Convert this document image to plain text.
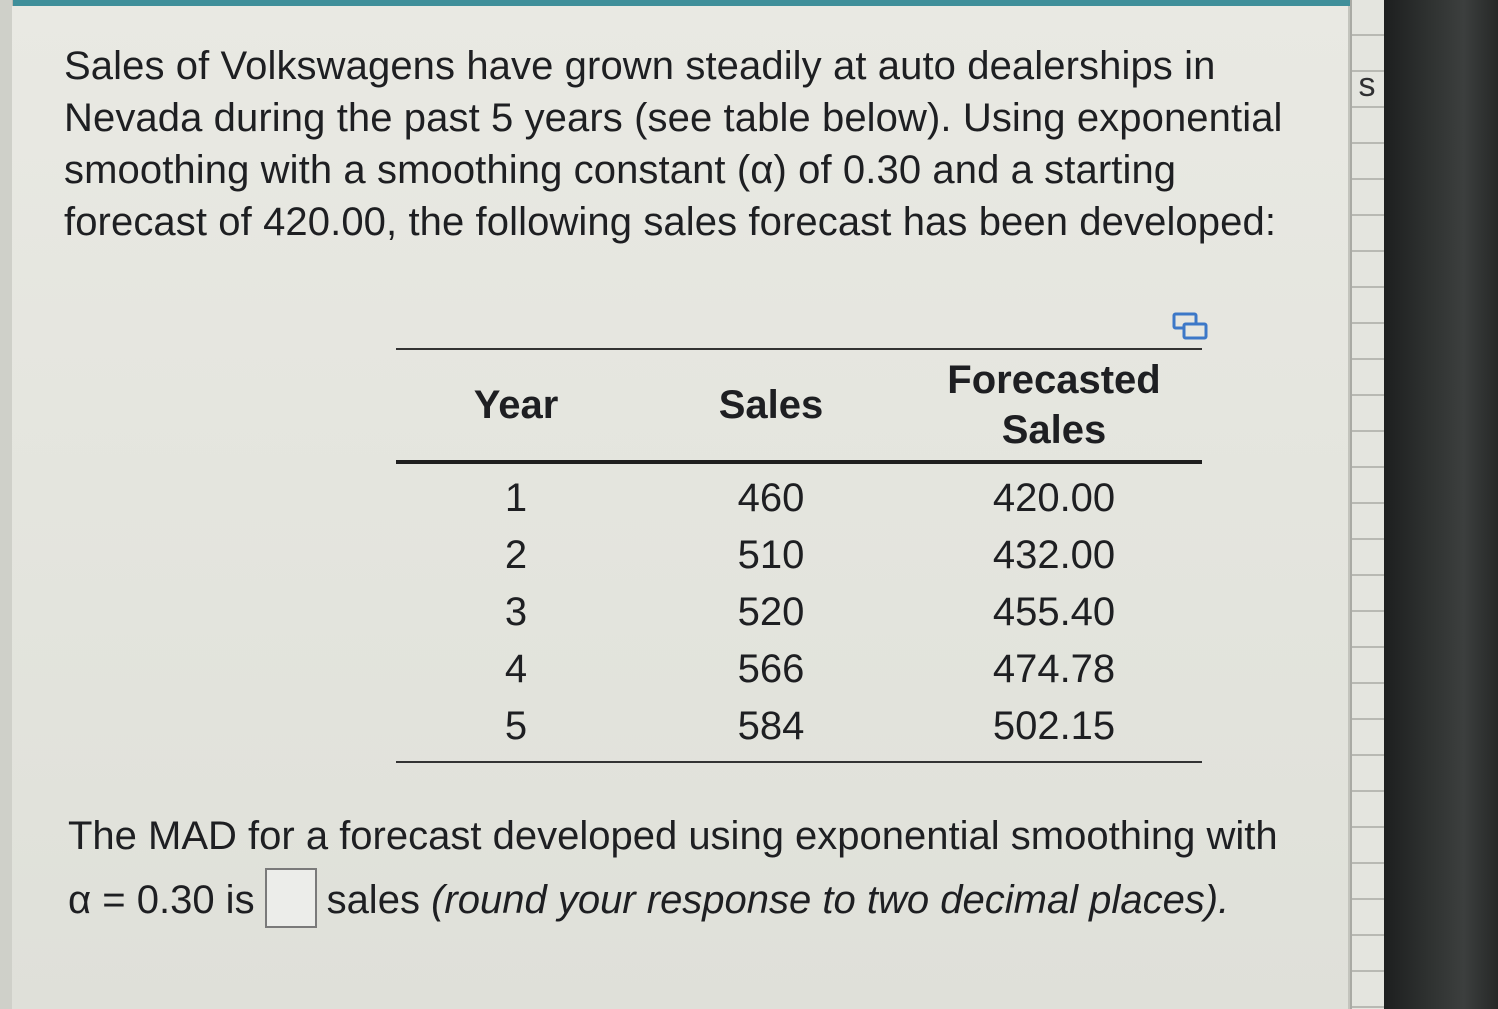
Sales of Volkswagens have grown steadily at auto dealerships in Nevada during the past 5 years (see table below). Using exponential smoothing with a smoothing constant (α) of 0.30 and a starting forecast of 420.00, the following sales forecast has been developed:
Year	Sales	Forecasted Sales
1	460	420.00
2	510	432.00
3	520	455.40
4	566	474.78
5	584	502.15
The MAD for a forecast developed using exponential smoothing with α = 0.30 is sales (round your response to two decimal places).
s
